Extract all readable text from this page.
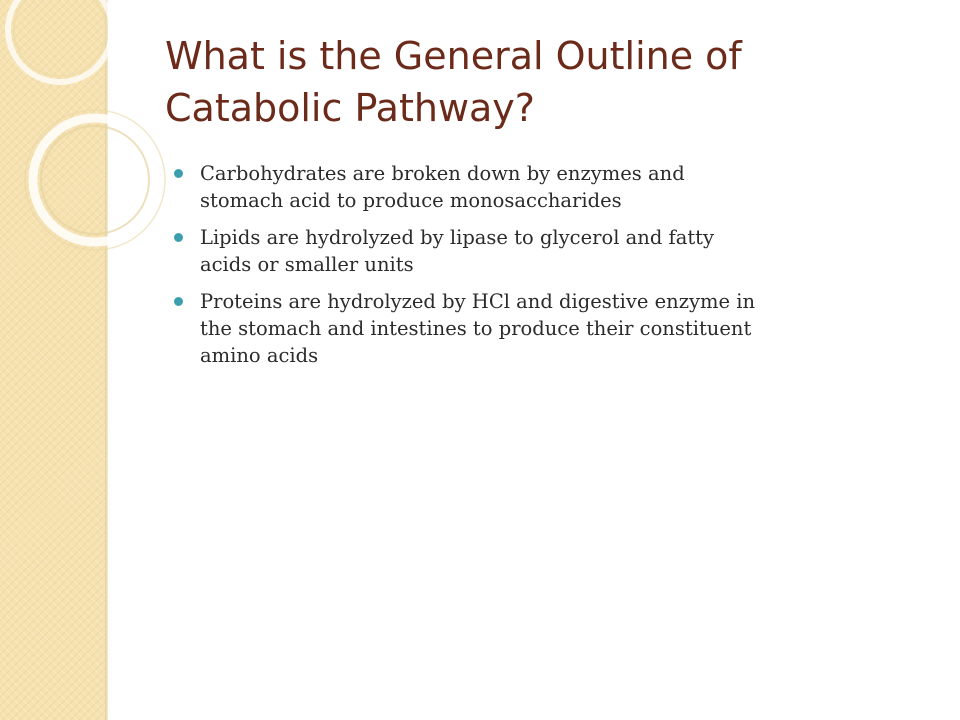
What is the General Outline of
Catabolic Pathway?
Carbohydrates are broken down by enzymes and
stomach acid to produce monosaccharides
Lipids are hydrolyzed by lipase to glycerol and fatty
acids or smaller units
Proteins are hydrolyzed by HCl and digestive enzyme in
the stomach and intestines to produce their constituent
amino acids
